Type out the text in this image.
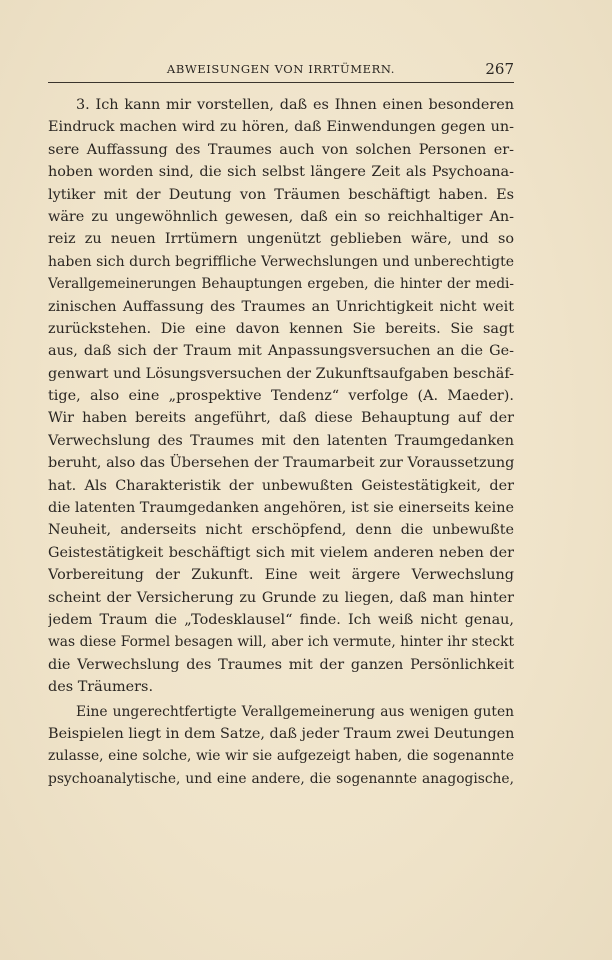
ABWEISUNGEN VON IRRTÜMERN.	267
3. Ich kann mir vorstellen, daß es Ihnen einen besonderen
Eindruck machen wird zu hören, daß Einwendungen gegen un-
sere Auffassung des Traumes auch von solchen Personen er-
hoben worden sind, die sich selbst längere Zeit als Psychoana-
lytiker mit der Deutung von Träumen beschäftigt haben. Es
wäre zu ungewöhnlich gewesen, daß ein so reichhaltiger An-
reiz zu neuen Irrtümern ungenützt geblieben wäre, und so
haben sich durch begriffliche Verwechslungen und unberechtigte
Verallgemeinerungen Behauptungen ergeben, die hinter der medi-
zinischen Auffassung des Traumes an Unrichtigkeit nicht weit
zurückstehen. Die eine davon kennen Sie bereits. Sie sagt
aus, daß sich der Traum mit Anpassungsversuchen an die Ge-
genwart und Lösungsversuchen der Zukunftsaufgaben beschäf-
tige, also eine „prospektive Tendenz“ verfolge (A. Maeder).
Wir haben bereits angeführt, daß diese Behauptung auf der
Verwechslung des Traumes mit den latenten Traumgedanken
beruht, also das Übersehen der Traumarbeit zur Voraussetzung
hat. Als Charakteristik der unbewußten Geistestätigkeit, der
die latenten Traumgedanken angehören, ist sie einerseits keine
Neuheit, anderseits nicht erschöpfend, denn die unbewußte
Geistestätigkeit beschäftigt sich mit vielem anderen neben der
Vorbereitung der Zukunft. Eine weit ärgere Verwechslung
scheint der Versicherung zu Grunde zu liegen, daß man hinter
jedem Traum die „Todesklausel“ finde. Ich weiß nicht genau,
was diese Formel besagen will, aber ich vermute, hinter ihr steckt
die Verwechslung des Traumes mit der ganzen Persönlichkeit
des Träumers.
Eine ungerechtfertigte Verallgemeinerung aus wenigen guten
Beispielen liegt in dem Satze, daß jeder Traum zwei Deutungen
zulasse, eine solche, wie wir sie aufgezeigt haben, die sogenannte
psychoanalytische, und eine andere, die sogenannte anagogische,
